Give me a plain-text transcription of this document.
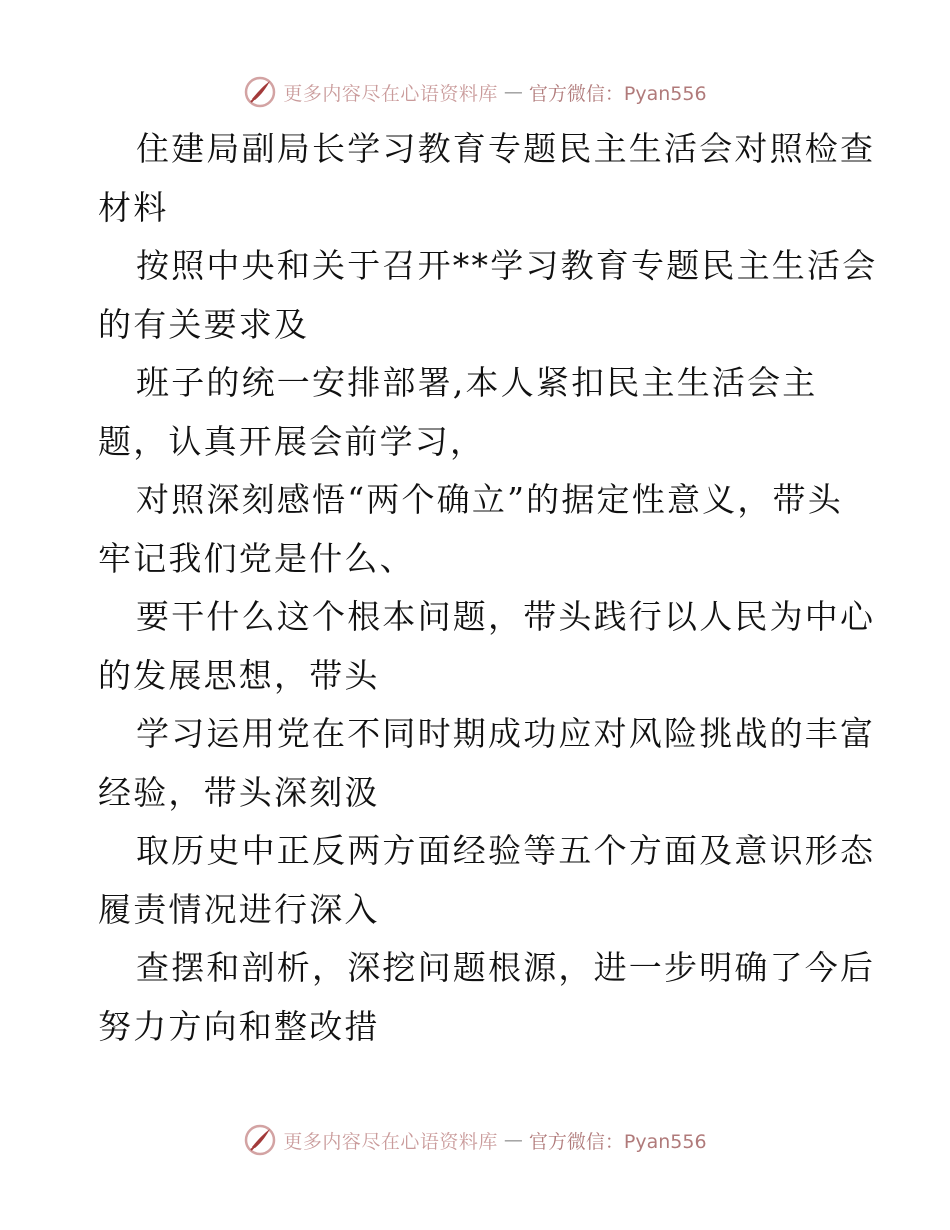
更多内容尽在心语资料库 — 官方微信：Pyan556

住建局副局长学习教育专题民主生活会对照检查

材料

按照中央和关于召开**学习教育专题民主生活会

的有关要求及

班子的统一安排部署,本人紧扣民主生活会主

题，认真开展会前学习，

对照深刻感悟“两个确立”的据定性意义，带头

牢记我们党是什么、

要干什么这个根本问题，带头践行以人民为中心

的发展思想，带头

学习运用党在不同时期成功应对风险挑战的丰富

经验，带头深刻汲

取历史中正反两方面经验等五个方面及意识形态

履责情况进行深入

查摆和剖析，深挖问题根源，进一步明确了今后

努力方向和整改措

更多内容尽在心语资料库 — 官方微信：Pyan556
